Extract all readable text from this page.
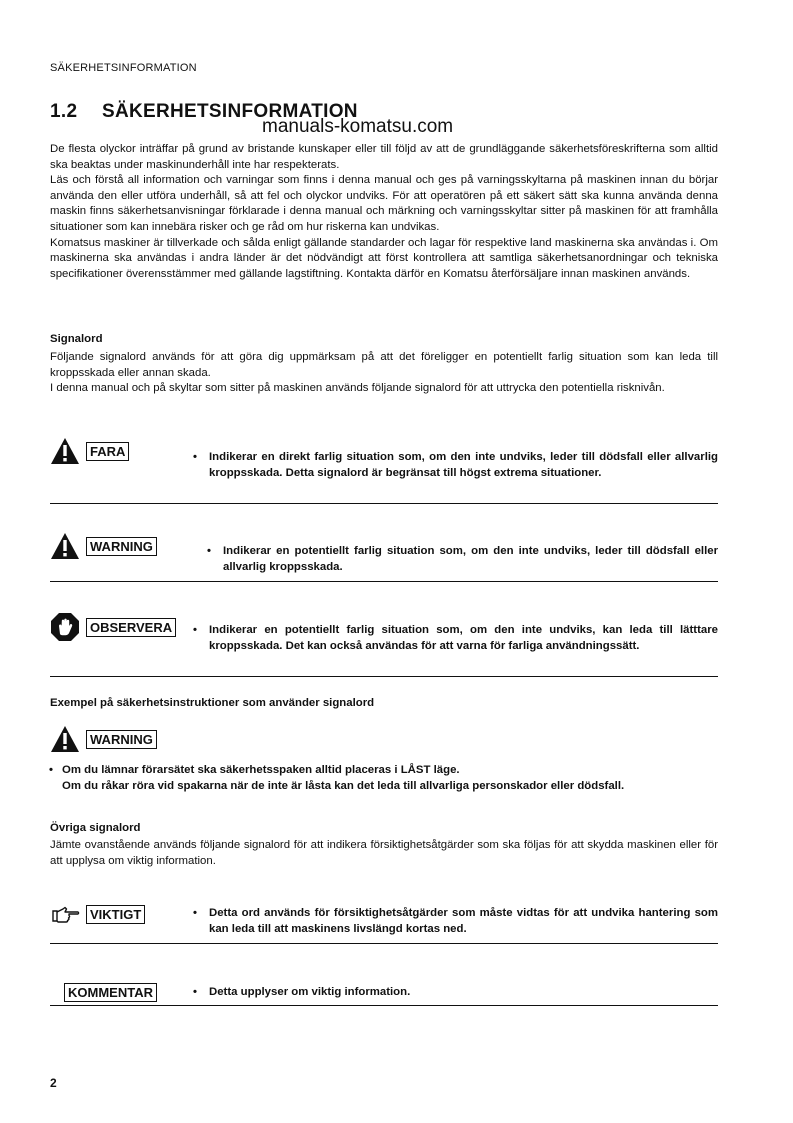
SÄKERHETSINFORMATION
1.2 SÄKERHETSINFORMATION
manuals-komatsu.com

De flesta olyckor inträffar på grund av bristande kunskaper eller till följd av att de grundläggande säkerhetsföreskrifterna som alltid ska beaktas under maskinunderhåll inte har respekterats.

Läs och förstå all information och varningar som finns i denna manual och ges på varningsskyltarna på maskinen innan du börjar använda den eller utföra underhåll, så att fel och olyckor undviks. För att operatören på ett säkert sätt ska kunna använda denna maskin finns säkerhetsanvisningar förklarade i denna manual och märkning och varningsskyltar sitter på maskinen för att framhålla situationer som kan innebära risker och ge råd om hur riskerna kan undvikas.

Komatsus maskiner är tillverkade och sålda enligt gällande standarder och lagar för respektive land maskinerna ska användas i. Om maskinerna ska användas i andra länder är det nödvändigt att först kontrollera att samtliga säkerhetsanordningar och tekniska specifikationer överensstämmer med gällande lagstiftning. Kontakta därför en Komatsu återförsäljare innan maskinen används.

Signalord

Följande signalord används för att göra dig uppmärksam på att det föreligger en potentiellt farlig situation som kan leda till kroppsskada eller annan skada.

I denna manual och på skyltar som sitter på maskinen används följande signalord för att uttrycka den potentiella risknivån.

FARA	• Indikerar en direkt farlig situation som, om den inte undviks, leder till dödsfall eller allvarlig kroppsskada. Detta signalord är begränsat till högst extrema situationer.
WARNING	• Indikerar en potentiellt farlig situation som, om den inte undviks, leder till dödsfall eller allvarlig kroppsskada.
OBSERVERA	• Indikerar en potentiellt farlig situation som, om den inte undviks, kan leda till lätttare kroppsskada. Det kan också användas för att varna för farliga användningssätt.
Exempel på säkerhetsinstruktioner som använder signalord
WARNING
• Om du lämnar förarsätet ska säkerhetsspaken alltid placeras i LÅST läge.
Om du råkar röra vid spakarna när de inte är låsta kan det leda till allvarliga personskador eller dödsfall.
Övriga signalord
Jämte ovanstående används följande signalord för att indikera försiktighetsåtgärder som ska följas för att skydda maskinen eller för att upplysa om viktig information.
VIKTIGT	• Detta ord används för försiktighetsåtgärder som måste vidtas för att undvika hantering som kan leda till att maskinens livslängd kortas ned.
KOMMENTAR	• Detta upplyser om viktig information.
2
